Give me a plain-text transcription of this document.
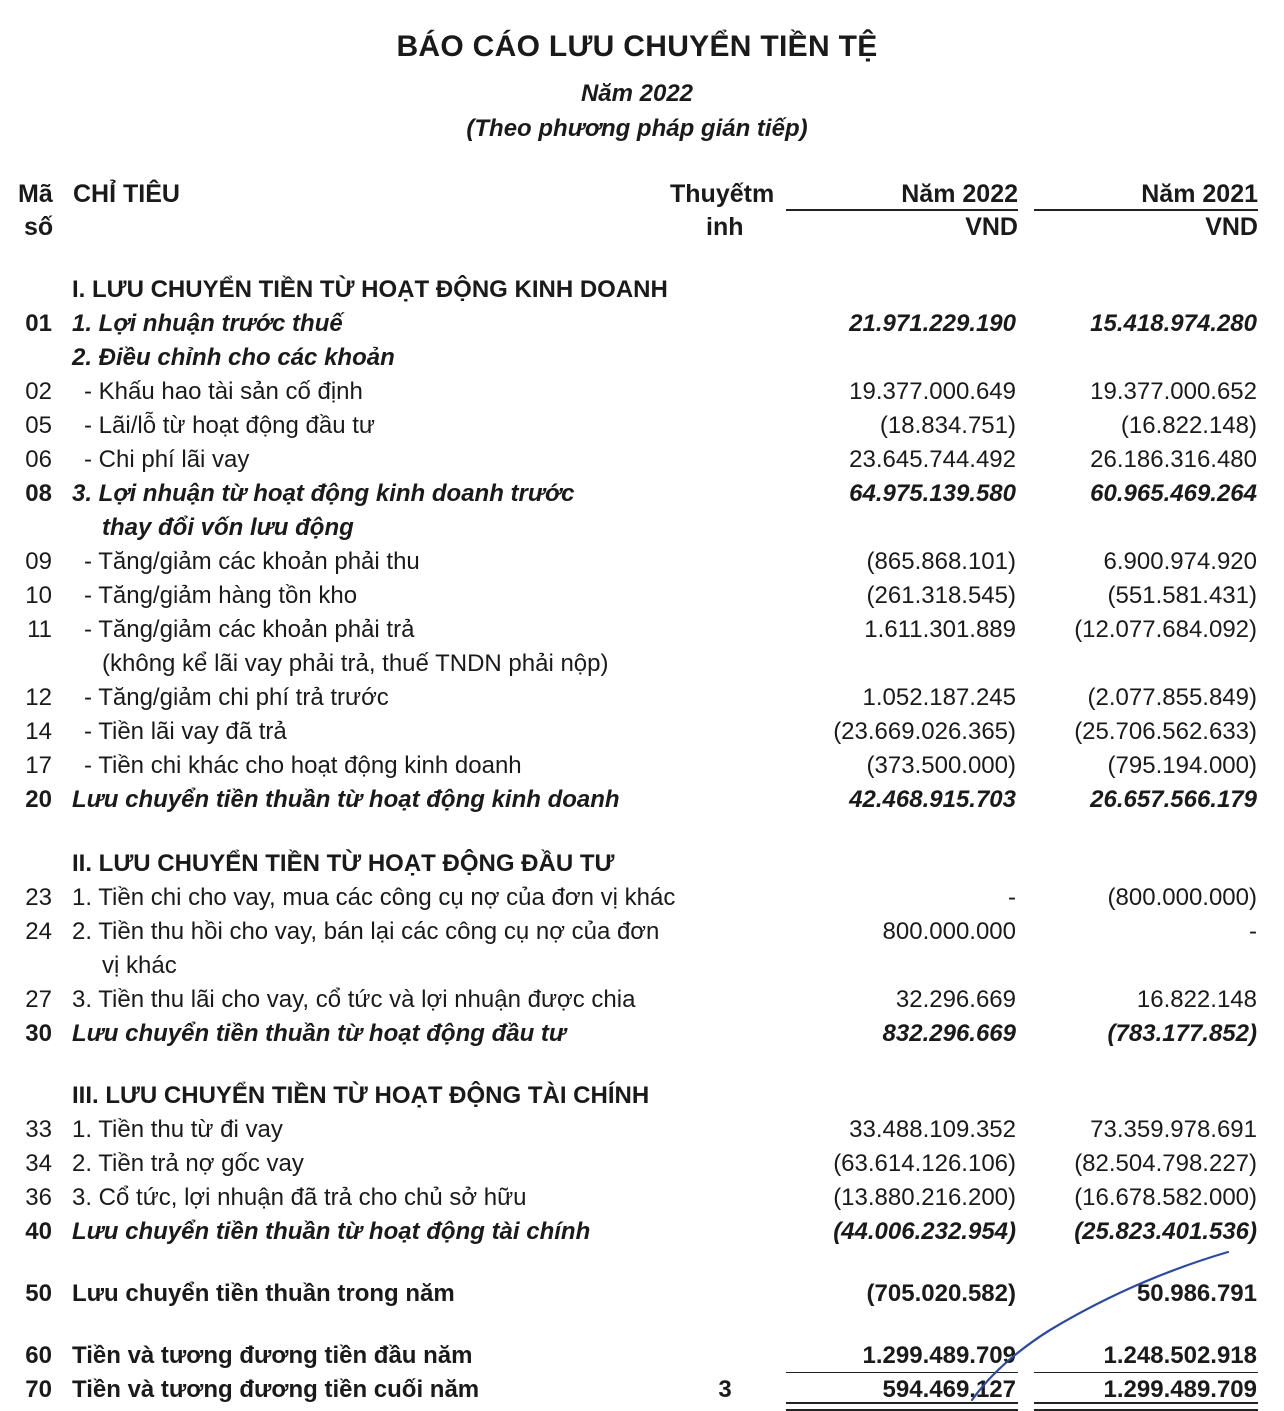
BÁO CÁO LƯU CHUYỂN TIỀN TỆ
Năm 2022
(Theo phương pháp gián tiếp)
Mã
số
CHỈ TIÊU	Thuyếtm
inh
Năm 2022	Năm 2021
VND	VND
I. LƯU CHUYỂN TIỀN TỪ HOẠT ĐỘNG KINH DOANH
01 1. Lợi nhuận trước thuế	21.971.229.190	15.418.974.280
2. Điều chỉnh cho các khoản
02 - Khấu hao tài sản cố định	19.377.000.649	19.377.000.652
05 - Lãi/lỗ từ hoạt động đầu tư	(18.834.751)	(16.822.148)
06 - Chi phí lãi vay	23.645.744.492	26.186.316.480
08 3. Lợi nhuận từ hoạt động kinh doanh trước	64.975.139.580	60.965.469.264
thay đổi vốn lưu động
09 - Tăng/giảm các khoản phải thu	(865.868.101)	6.900.974.920
10 - Tăng/giảm hàng tồn kho	(261.318.545)	(551.581.431)
11 - Tăng/giảm các khoản phải trả	1.611.301.889 (12.077.684.092)
(không kể lãi vay phải trả, thuế TNDN phải nộp)
12 - Tăng/giảm chi phí trả trước	1.052.187.245	(2.077.855.849)
14 - Tiền lãi vay đã trả	(23.669.026.365) (25.706.562.633)
17 - Tiền chi khác cho hoạt động kinh doanh	(373.500.000)	(795.194.000)
20 Lưu chuyển tiền thuần từ hoạt động kinh doanh	42.468.915.703	26.657.566.179
II. LƯU CHUYỂN TIỀN TỪ HOẠT ĐỘNG ĐẦU TƯ
23 1. Tiền chi cho vay, mua các công cụ nợ của đơn vị khác	-	(800.000.000)
24 2. Tiền thu hồi cho vay, bán lại các công cụ nợ của đơn	800.000.000	-
vị khác
27 3. Tiền thu lãi cho vay, cổ tức và lợi nhuận được chia	32.296.669	16.822.148
30 Lưu chuyển tiền thuần từ hoạt động đầu tư	832.296.669	(783.177.852)
III. LƯU CHUYỂN TIỀN TỪ HOẠT ĐỘNG TÀI CHÍNH
33 1. Tiền thu từ đi vay	33.488.109.352	73.359.978.691
34 2. Tiền trả nợ gốc vay	(63.614.126.106) (82.504.798.227)
36 3. Cổ tức, lợi nhuận đã trả cho chủ sở hữu	(13.880.216.200) (16.678.582.000)
40 Lưu chuyển tiền thuần từ hoạt động tài chính	(44.006.232.954) (25.823.401.536)
50 Lưu chuyển tiền thuần trong năm	(705.020.582)	50.986.791
60 Tiền và tương đương tiền đầu năm	1.299.489.709	1.248.502.918
70 Tiền và tương đương tiền cuối năm	3	594.469.127	1.299.489.709
